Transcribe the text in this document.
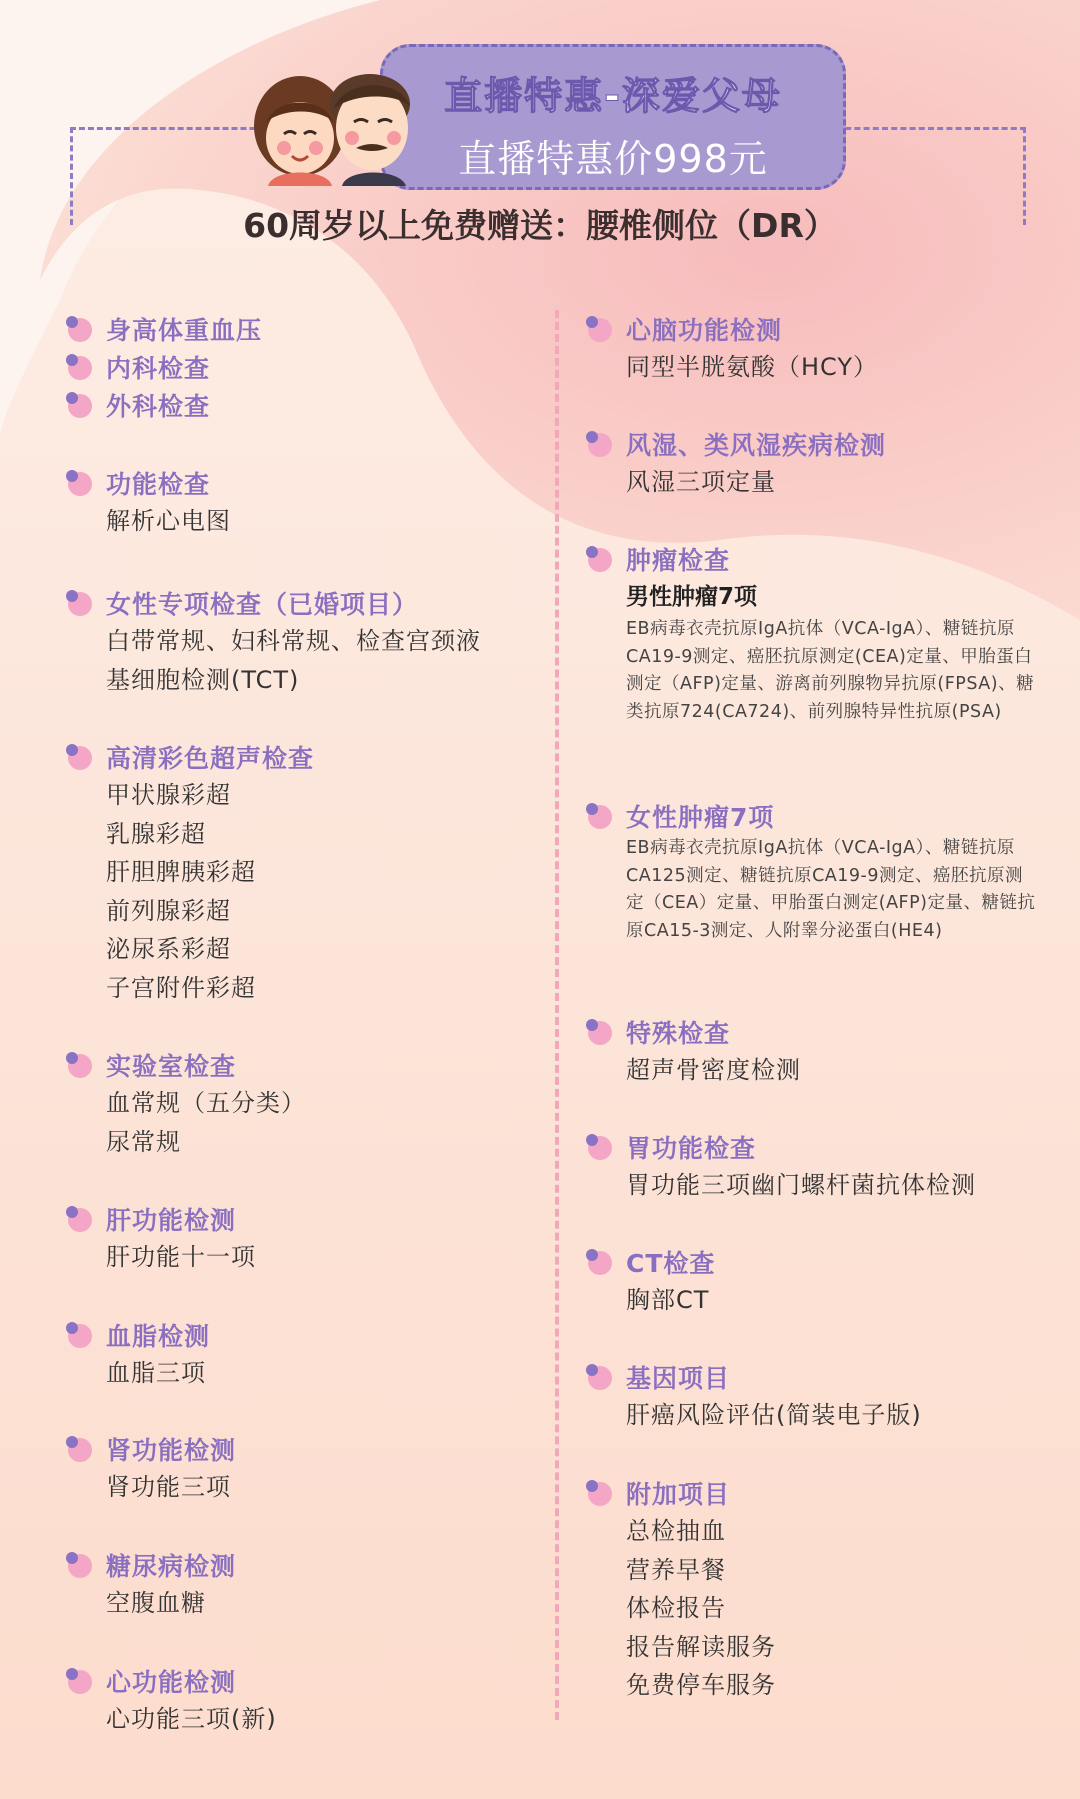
直播特惠-深爱父母
直播特惠价998元
60周岁以上免费赠送：腰椎侧位（DR）
身高体重血压
内科检查
外科检查
功能检查
解析心电图
女性专项检查（已婚项目）
白带常规、妇科常规、检查宫颈液
基细胞检测(TCT)
高清彩色超声检查
甲状腺彩超
乳腺彩超
肝胆脾胰彩超
前列腺彩超
泌尿系彩超
子宫附件彩超
实验室检查
血常规（五分类）
尿常规
肝功能检测
肝功能十一项
血脂检测
血脂三项
肾功能检测
肾功能三项
糖尿病检测
空腹血糖
心功能检测
心功能三项(新)
心脑功能检测
同型半胱氨酸（HCY）
风湿、类风湿疾病检测
风湿三项定量
肿瘤检查
男性肿瘤7项
EB病毒衣壳抗原IgA抗体（VCA-IgA）、糖链抗原CA19-9测定、癌胚抗原测定(CEA)定量、甲胎蛋白测定（AFP)定量、游离前列腺物异抗原(FPSA)、糖类抗原724(CA724)、前列腺特异性抗原(PSA)
女性肿瘤7项
EB病毒衣壳抗原IgA抗体（VCA-IgA）、糖链抗原CA125测定、糖链抗原CA19-9测定、癌胚抗原测定（CEA）定量、甲胎蛋白测定(AFP)定量、糖链抗原CA15-3测定、人附睾分泌蛋白(HE4)
特殊检查
超声骨密度检测
胃功能检查
胃功能三项幽门螺杆菌抗体检测
CT检查
胸部CT
基因项目
肝癌风险评估(简装电子版)
附加项目
总检抽血
营养早餐
体检报告
报告解读服务
免费停车服务
